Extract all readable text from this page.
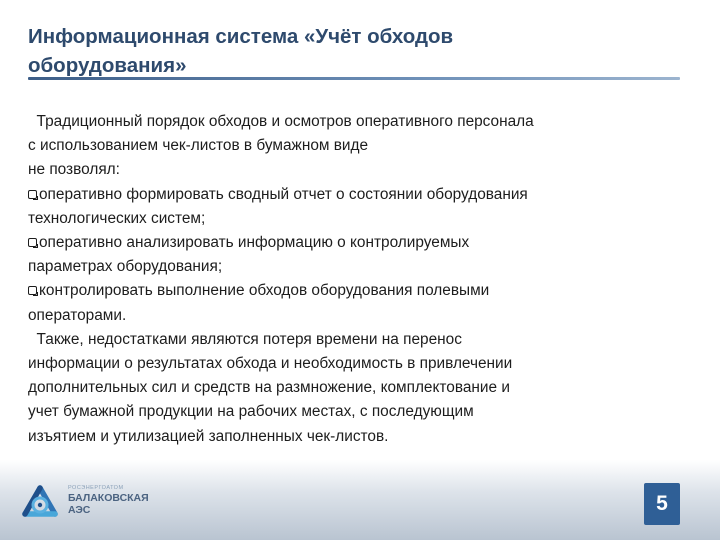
Информационная система «Учёт обходов оборудования»

Традиционный порядок обходов и осмотров оперативного персонала

с использованием чек-листов в бумажном виде

не позволял:

оперативно формировать сводный отчет о состоянии оборудования

технологических систем;

оперативно анализировать информацию о контролируемых

параметрах оборудования;

контролировать выполнение обходов оборудования полевыми

операторами.

Также, недостатками являются потеря времени на перенос

информации о результатах обхода и необходимость в привлечении

дополнительных сил и средств на размножение, комплектование и

учет бумажной продукции на рабочих местах, с последующим

изъятием и утилизацией заполненных чек-листов.

РОСЭНЕРГОАТОМ
БАЛАКОВСКАЯ
АЭС	5
